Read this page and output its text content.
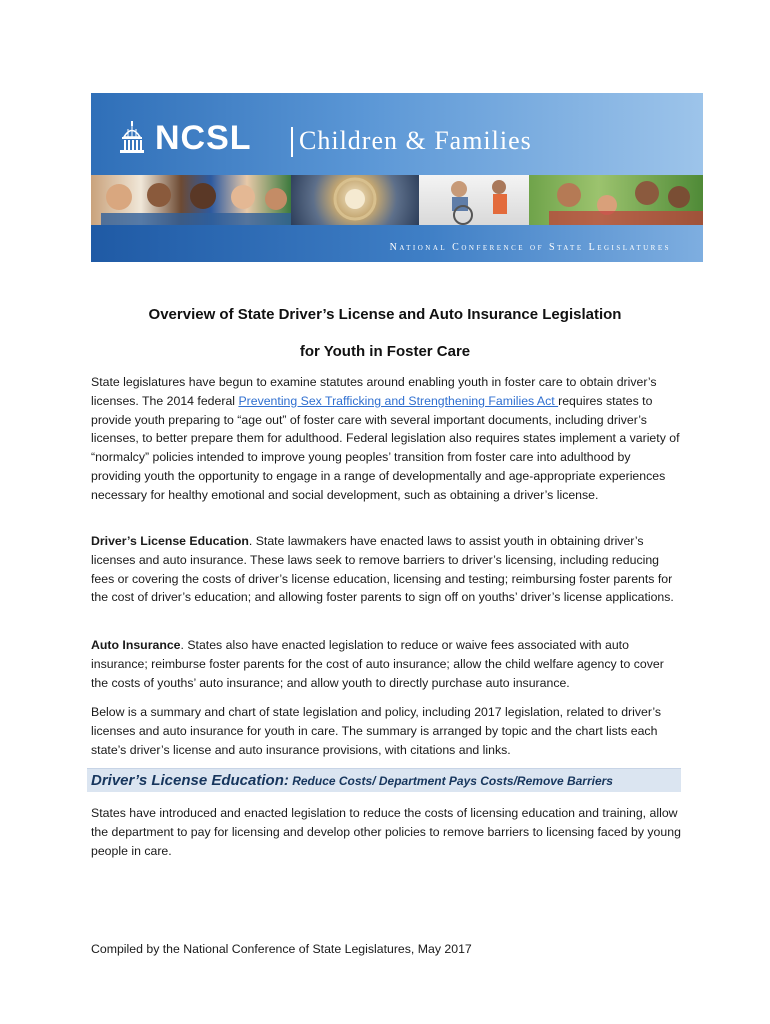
NCSL Children & Families
National Conference of State Legislatures
Overview of State Driver’s License and Auto Insurance Legislation
for Youth in Foster Care

State legislatures have begun to examine statutes around enabling youth in foster care to obtain driver’s licenses. The 2014 federal Preventing Sex Trafficking and Strengthening Families Act requires states to provide youth preparing to “age out” of foster care with several important documents, including driver’s licenses, to better prepare them for adulthood. Federal legislation also requires states implement a variety of “normalcy” policies intended to improve young peoples’ transition from foster care into adulthood by providing youth the opportunity to engage in a range of developmentally and age-appropriate experiences necessary for healthy emotional and social development, such as obtaining a driver’s license.

Driver’s License Education. State lawmakers have enacted laws to assist youth in obtaining driver’s licenses and auto insurance. These laws seek to remove barriers to driver’s licensing, including reducing fees or covering the costs of driver’s license education, licensing and testing; reimbursing foster parents for the cost of driver’s education; and allowing foster parents to sign off on youths’ driver’s license applications.

Auto Insurance. States also have enacted legislation to reduce or waive fees associated with auto insurance; reimburse foster parents for the cost of auto insurance; allow the child welfare agency to cover the costs of youths’ auto insurance; and allow youth to directly purchase auto insurance.

Below is a summary and chart of state legislation and policy, including 2017 legislation, related to driver’s licenses and auto insurance for youth in care. The summary is arranged by topic and the chart lists each state’s driver’s license and auto insurance provisions, with citations and links.

Driver’s License Education: Reduce Costs/ Department Pays Costs/Remove Barriers

States have introduced and enacted legislation to reduce the costs of licensing education and training, allow the department to pay for licensing and develop other policies to remove barriers to licensing faced by young people in care.

Compiled by the National Conference of State Legislatures, May 2017
